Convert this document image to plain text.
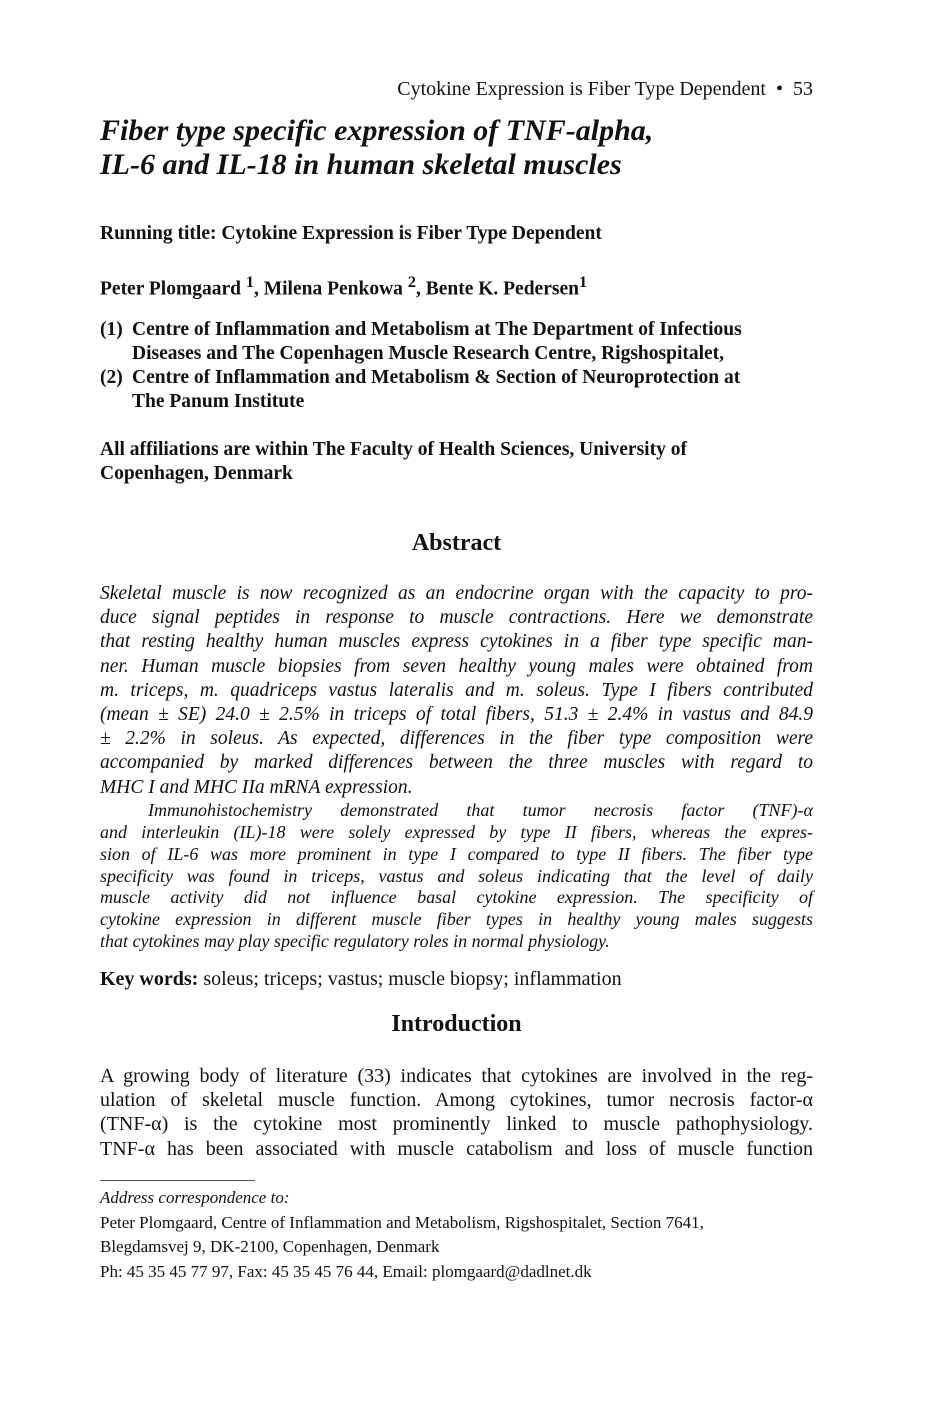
Cytokine Expression is Fiber Type Dependent • 53
Fiber type specific expression of TNF-alpha,
IL-6 and IL-18 in human skeletal muscles
Running title: Cytokine Expression is Fiber Type Dependent
Peter Plomgaard $^1$, Milena Penkowa $^2$, Bente K. Pedersen$^1$
(1) Centre of Inflammation and Metabolism at The Department of Infectious
Diseases and The Copenhagen Muscle Research Centre, Rigshospitalet,
(2) Centre of Inflammation and Metabolism & Section of Neuroprotection at
The Panum Institute
All affiliations are within The Faculty of Health Sciences, University of
Copenhagen, Denmark
Abstract
Skeletal muscle is now recognized as an endocrine organ with the capacity to pro-
duce signal peptides in response to muscle contractions. Here we demonstrate
that resting healthy human muscles express cytokines in a fiber type specific man-
ner. Human muscle biopsies from seven healthy young males were obtained from
m. triceps, m. quadriceps vastus lateralis and m. soleus. Type I fibers contributed
(mean ± SE) 24.0 ± 2.5% in triceps of total fibers, 51.3 ± 2.4% in vastus and 84.9
± 2.2% in soleus. As expected, differences in the fiber type composition were
accompanied by marked differences between the three muscles with regard to
MHC I and MHC IIa mRNA expression.
Immunohistochemistry demonstrated that tumor necrosis factor (TNF)-α
and interleukin (IL)-18 were solely expressed by type II fibers, whereas the expres-
sion of IL-6 was more prominent in type I compared to type II fibers. The fiber type
specificity was found in triceps, vastus and soleus indicating that the level of daily
muscle activity did not influence basal cytokine expression. The specificity of
cytokine expression in different muscle fiber types in healthy young males suggests
that cytokines may play specific regulatory roles in normal physiology.
Key words: soleus; triceps; vastus; muscle biopsy; inflammation
Introduction
A growing body of literature (33) indicates that cytokines are involved in the reg-
ulation of skeletal muscle function. Among cytokines, tumor necrosis factor-α
(TNF-α) is the cytokine most prominently linked to muscle pathophysiology.
TNF-α has been associated with muscle catabolism and loss of muscle function
Address correspondence to:
Peter Plomgaard, Centre of Inflammation and Metabolism, Rigshospitalet, Section 7641,
Blegdamsvej 9, DK-2100, Copenhagen, Denmark
Ph: 45 35 45 77 97, Fax: 45 35 45 76 44, Email: plomgaard@dadlnet.dk
